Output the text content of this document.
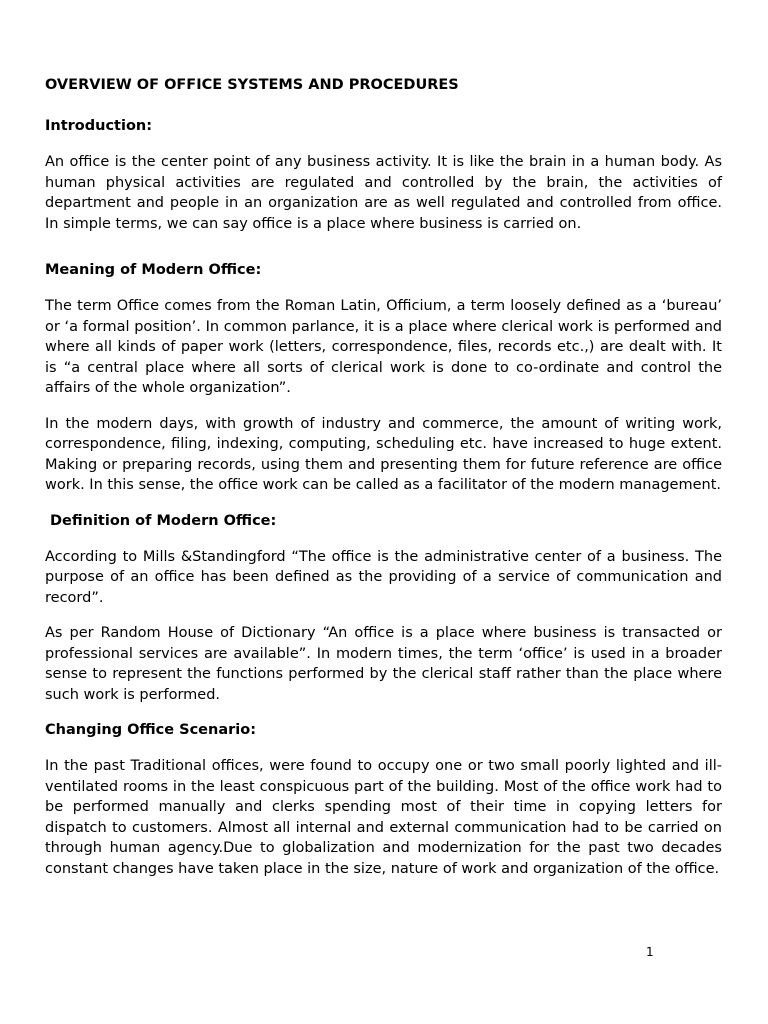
OVERVIEW OF OFFICE SYSTEMS AND PROCEDURES
Introduction:

An office is the center point of any business activity. It is like the brain in a human body. As human physical activities are regulated and controlled by the brain, the activities of department and people in an organization are as well regulated and controlled from office. In simple terms, we can say office is a place where business is carried on.

Meaning of Modern Office:

The term Office comes from the Roman Latin, Officium, a term loosely defined as a ‘bureau’ or ‘a formal position’. In common parlance, it is a place where clerical work is performed and where all kinds of paper work (letters, correspondence, files, records etc.,) are dealt with. It is “a central place where all sorts of clerical work is done to co-ordinate and control the affairs of the whole organization”.

In the modern days, with growth of industry and commerce, the amount of writing work, correspondence, filing, indexing, computing, scheduling etc. have increased to huge extent. Making or preparing records, using them and presenting them for future reference are office work. In this sense, the office work can be called as a facilitator of the modern management.

Definition of Modern Office:

According to Mills &Standingford “The office is the administrative center of a business. The purpose of an office has been defined as the providing of a service of communication and record”.

As per Random House of Dictionary “An office is a place where business is transacted or professional services are available”. In modern times, the term ‘office’ is used in a broader sense to represent the functions performed by the clerical staff rather than the place where such work is performed.

Changing Office Scenario:

In the past Traditional offices, were found to occupy one or two small poorly lighted and ill-ventilated rooms in the least conspicuous part of the building. Most of the office work had to be performed manually and clerks spending most of their time in copying letters for dispatch to customers. Almost all internal and external communication had to be carried on through human agency.Due to globalization and modernization for the past two decades constant changes have taken place in the size, nature of work and organization of the office.

1
